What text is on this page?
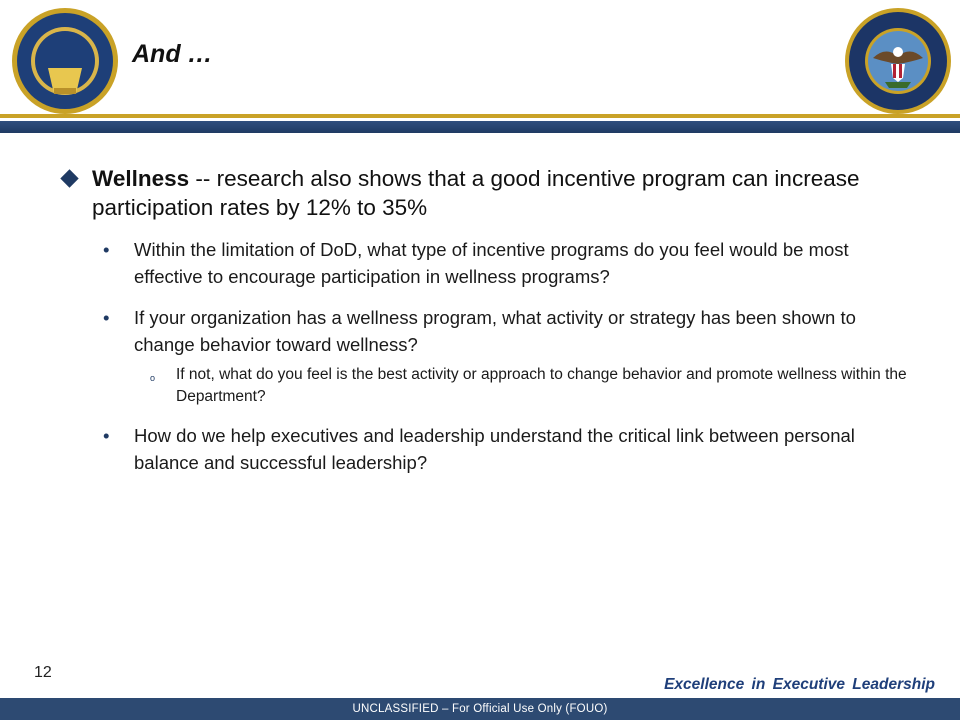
And …
Wellness -- research also shows that a good incentive program can increase participation rates by 12% to 35%
• Within the limitation of DoD, what type of incentive programs do you feel would be most effective to encourage participation in wellness programs?
• If your organization has a wellness program, what activity or strategy has been shown to change behavior toward wellness?
o If not, what do you feel is the best activity or approach to change behavior and promote wellness within the Department?
• How do we help executives and leadership understand the critical link between personal balance and successful leadership?
12
Excellence in Executive Leadership
UNCLASSIFIED – For Official Use Only (FOUO)
